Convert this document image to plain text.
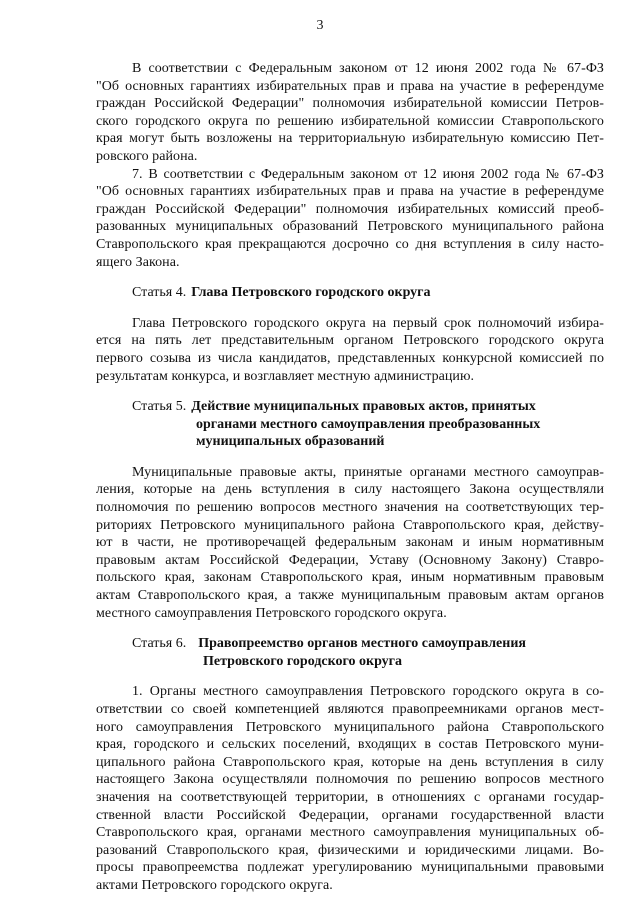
3
В соответствии с Федеральным законом от 12 июня 2002 года № 67-ФЗ
"Об основных гарантиях избирательных прав и права на участие в референдуме
граждан Российской Федерации" полномочия избирательной комиссии Петров-
ского городского округа по решению избирательной комиссии Ставропольского
края могут быть возложены на территориальную избирательную комиссию Пет-
ровского района.
7. В соответствии с Федеральным законом от 12 июня 2002 года № 67-ФЗ
"Об основных гарантиях избирательных прав и права на участие в референдуме
граждан Российской Федерации" полномочия избирательных комиссий преоб-
разованных муниципальных образований Петровского муниципального района
Ставропольского края прекращаются досрочно со дня вступления в силу насто-
ящего Закона.
Статья 4. Глава Петровского городского округа
Глава Петровского городского округа на первый срок полномочий избира-
ется на пять лет представительным органом Петровского городского округа
первого созыва из числа кандидатов, представленных конкурсной комиссией по
результатам конкурса, и возглавляет местную администрацию.
Статья 5. Действие муниципальных правовых актов, принятых
органами местного самоуправления преобразованных
муниципальных образований
Муниципальные правовые акты, принятые органами местного самоуправ-
ления, которые на день вступления в силу настоящего Закона осуществляли
полномочия по решению вопросов местного значения на соответствующих тер-
риториях Петровского муниципального района Ставропольского края, действу-
ют в части, не противоречащей федеральным законам и иным нормативным
правовым актам Российской Федерации, Уставу (Основному Закону) Ставро-
польского края, законам Ставропольского края, иным нормативным правовым
актам Ставропольского края, а также муниципальным правовым актам органов
местного самоуправления Петровского городского округа.
Статья 6. Правопреемство органов местного самоуправления
Петровского городского округа
1. Органы местного самоуправления Петровского городского округа в со-
ответствии со своей компетенцией являются правопреемниками органов мест-
ного самоуправления Петровского муниципального района Ставропольского
края, городского и сельских поселений, входящих в состав Петровского муни-
ципального района Ставропольского края, которые на день вступления в силу
настоящего Закона осуществляли полномочия по решению вопросов местного
значения на соответствующей территории, в отношениях с органами государ-
ственной власти Российской Федерации, органами государственной власти
Ставропольского края, органами местного самоуправления муниципальных об-
разований Ставропольского края, физическими и юридическими лицами. Во-
просы правопреемства подлежат урегулированию муниципальными правовыми
актами Петровского городского округа.
